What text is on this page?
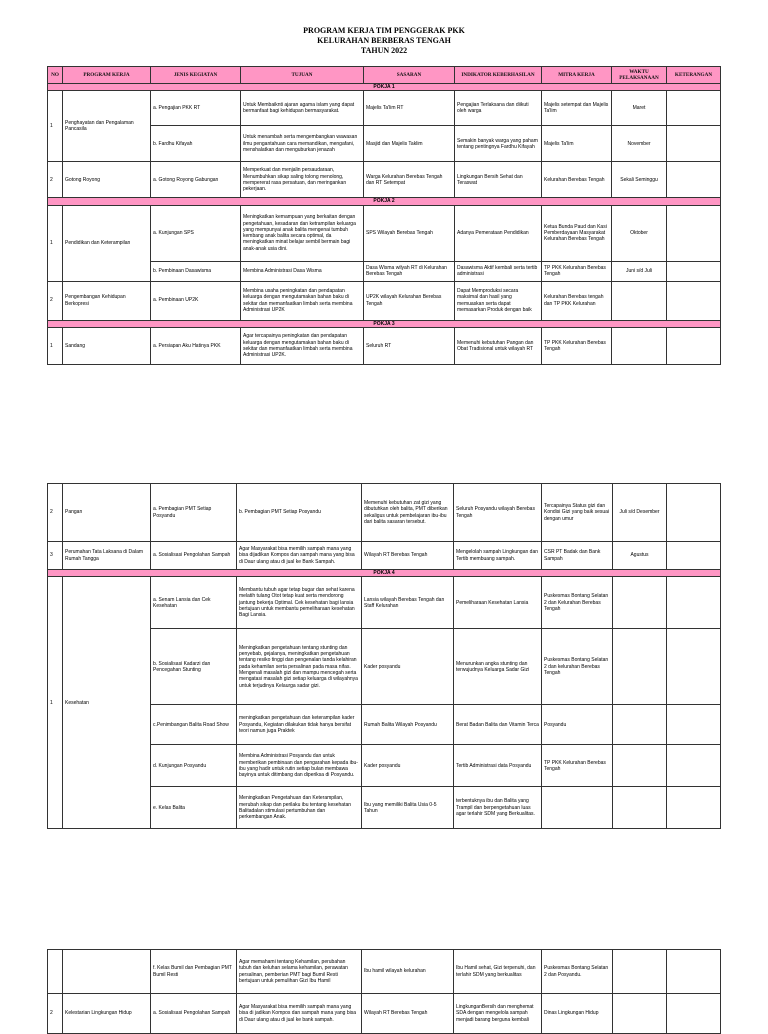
PROGRAM KERJA TIM PENGGERAK PKK
KELURAHAN BERBERAS TENGAH
TAHUN 2022
NO	PROGRAM KERJA	JENIS KEGIATAN	TUJUAN	SASARAN	INDIKATOR KEBERHASILAN	MITRA KERJA	WAKTU PELAKSANAAN	KETERANGAN
POKJA 1								
1	Penghayatan dan Pengalaman Pancasila	a. Pengajian PKK RT	Untuk Membaiknti ajaran agama islam yang dapat bermanfaat bagi kehidupan bermasyarakat.	Majelis Ta'lim RT	Pengajian Terlaksana dan diikuti oleh warga	Majelis setempat dan Majelis Ta'lim	Maret	
		b. Fardhu Kifayah	Untuk menambah serta mengembangkan wawasan ilmu pengantahuan cara memandikan, mengafani, menshalatkan dan menguburkan jenazah	Masjid dan Majelis Taklim	Semakin banyak warga yang paham tentang pentingnya Fardhu Kifayah	Majelis Ta'lim	November	
2	Gotong Royong	a. Gotong Royong Gabungan	Memperkuat dan menjalin persaudaraan, Menumbuhkan sikap saling tolong menolong, mempererat rasa persatuan, dan meringankan pekerjaan.	Warga Kelurahan Berebas Tengah dan RT Setempat	Lingkungan Bersih Sehat dan Teraswat	Kelurahan Berebas Tengah	Sekali Seminggu	
POKJA 2								
1	Pendidikan dan Keterampilan	a. Kunjungan SPS	Meningkatkan kemampuan yang berkaitan dengan pengetahuan, kesadaran dan ketrampilan keluarga yang mempunyai anak balita mengenai tumbuh kembang anak balita secara optimal, da meningkatkan minat belajar sembil bermain bagi anak-anak usia dini.	SPS Wilayah Berebas Tengah	Adanya Pemerataan Pendidikan	Ketua Bunda Paud dan Kasi Pemberdayaan Masyarakat Kelurahan Berebas Tengah	Oktober	
		b. Pembinaan Dasawisma	Membina Administrasi Dasa Wisma	Dasa Wisma wilyah RT di Kelurahan Berebas Tengah	Dasawisma Aktif kembali serta tertib administrasi	TP PKK Kelurahan Berebas Tengah	Juni s/d Juli	
2	Pengembangan Kehidupan Berkopresi	a. Pembinaan UP2K	Membina usaha peningkatan dan pendapatan keluarga dengan mengutamakan bahan baku di sekitar dan memanfaatkan limbah serta membina Administrasi UP2K	UP2K wilayah Kelurahan Berebas Tengah	Dapat Memproduksi secara maksimal dan hasil yang memuaskan serta dapat memasarkan Produk dengan baik	Kelurahan Berebas tengah dan TP PKK Kelurahan		
POKJA 3								
1	Sandang	a. Persiapan Aku Hatinya PKK	Agar tercapainya peningkatan dan pendapatan keluarga dengan mengutamakan bahan baku di sekitar dan memanfaatkan limbah serta membina Administrasi UP2K.	Seluruh RT	Memenuhi kebutuhan Pangan dan Obat Tradisional untuk wilayah RT	TP PKK Kelurahan Berebas Tengah		
2	Pangan	a. Pembagian PMT Setiap Posyandu	b. Pembagian PMT Setiap Posyandu	Memenuhi kebutuhan zat gizi yang dibutuhkan oleh balita, PMT diberikan sekaligus untuk pembelajaran ibu-ibu dari balita sasaran tersebut.	Seluruh Posyandu wilayah Berebas Tengah	Tercapainya Status gizi dan Kondisi Gizi yang baik sesuai dengan umur	Juli s/d Desember	
3	Perumahan Tata Laksana di Dalam Rumah Tangga	a. Sosialisasi Pengolahan Sampah	Agar Masyarakat bisa memilih sampah mana yang bisa dijadikan Kompos dan sampah mana yang bisa di Daur ulang atau di jual ke Bank Sampah.	Wilayah RT Berebas Tengah	Mengelolah sampah Lingkungan dan Tertib membuang sampah.	CSR PT Badak dan Bank Sampah	Agustus	
POKJA 4								
1	Kesehatan	a. Senam Lansia dan Cek Kesehatan	Membantu tubuh agar tetap bugar dan sehat karena melatih tulang Otot tetap kuat serta mendorong jantung bekerja Optimal. Cek kesehatan bagi lansia bertujuan untuk membantu pemeliharaan kesehatan Bagi Lansia.	Lansia wilayah Berebas Tengah dan Staff Kelurahan	Pemeliharaan Kesehatan Lansia	Puskesmas Bontang Selatan 2 dan Kelurahan Berebas Tengah		
		b. Sosialisasi Kadarzi dan Pencegahan Stunting	Meningkatkan pengetahuan tentang stunting dan penyebab, gejalanya, meningkatkan pengetahuan tentang resiko tinggi dan pengenalan tanda kelahiran pada kehamilan serta persalinan pada masa nifas. Mengenali masalah gizi dan mampu mencegah serta mengatasi masalah gizi setiap keluarga di wilayahnya untuk terjudinya Kelaurga sadar gizi.	Kader posyandu	Menurunkan angka stunting dan terwujudnya Keluarga Sadar Gizi	Puskesmas Bontang Selatan 2 dan kelurahan Berebas Tengah		
		c.Penimbangan Balita Road Show	meningkatkan pengetahuan dan keterampilan kader Posyandu, Kegiatan dilakukan tidak hanya bersifat teori namun juga Praktek	Rumah Balita Wilayah Posyandu	Berat Badan Balita dan Vitamin Terca	Posyandu		
		d. Kunjungan Posyandu	Membina Administrasi Posyandu dan untuk memberikan pembinaan dan pengarahan kepada ibu-ibu yang hadir untuk rutin setiap bulan membawa bayinya untuk ditimbang dan diperiksa di Posyandu.	Kader posyandu	Tertib Administrasi data Posyandu	TP PKK Kelurahan Berebas Tengah		
		e. Kelas Balita	Meningkatkan Pengetahuan dan Keterampilan, merubah sikap dan perilaku ibu tentang kesehatan Balitadalan stimulasi pertumbuhan dan perkembangan Anak.	Ibu yang memiliki Balita Usia 0-5 Tahun	terbentuknya ibu dan Balita yang Trampil dan berpengetahuan luas agar terlahir SDM yang Berkualitas.			
		f. Kelas Bumil dan Pembagian PMT Bumil Resti	Agar memahami tentang Kehamilan, perubahan tubuh dan keluhan selama kehamilan, perawatan persalinan, pemberian PMT bagi Bumil Resti bertujuan untuk pemulihan Gizi Ibu Hamil	Ibu hamil wilayah kelurahan	Ibu Hamil sehat, Gizi terpenuhi, dan terlahir SDM yang berkualitas	Puskesmas Bontang Selatan 2 dan Posyandu.		
2	Kelestarian Lingkungan Hidup	a. Sosialisasi Pengolahan Sampah	Agar Masyarakat bisa memilih sampah mana yang bisa di jadikan Kompos dan sampah mana yang bisa di Daur ulang atau di jual ke bank sampah.	Wilayah RT Berebas Tengah	LingkunganBersih dan menghemat SDA dengan mengelola sampah menjadi barang berguna kembali	Dinas Lingkungan Hidup		
